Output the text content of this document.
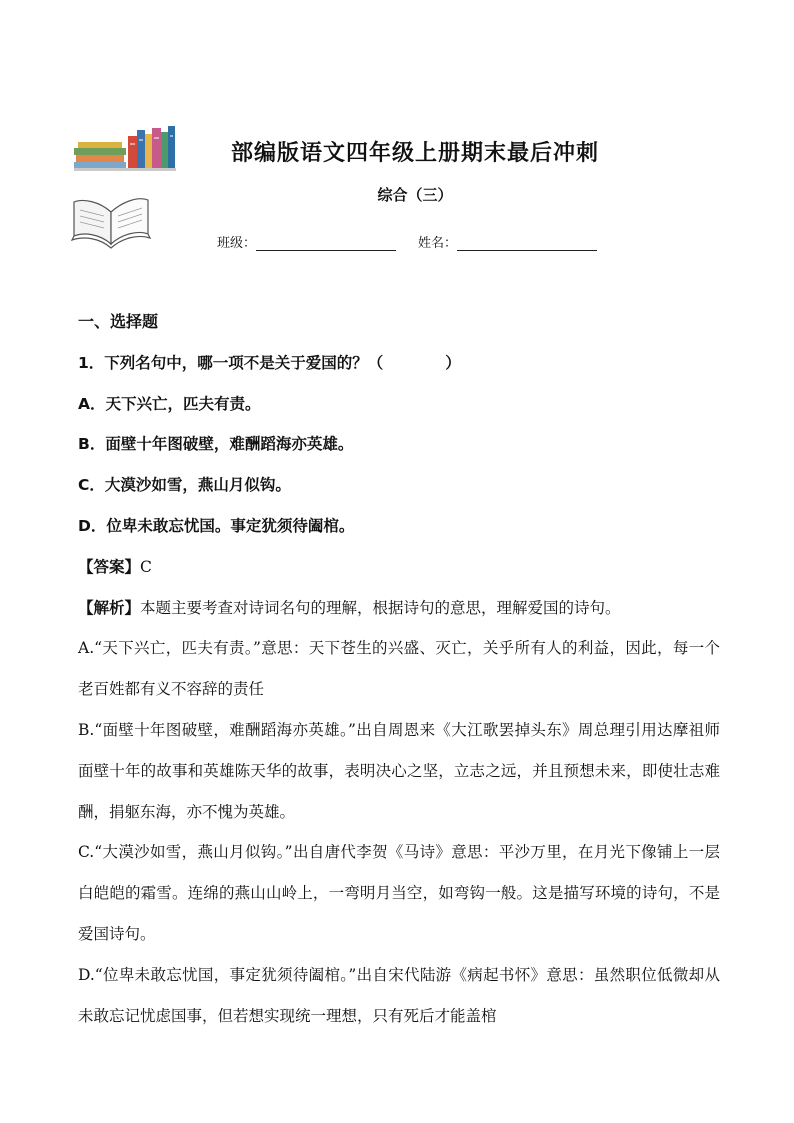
部编版语文四年级上册期末最后冲刺
综合（三）
班级：	姓名：
一、选择题
1．下列名句中，哪一项不是关于爱国的？（　　　　）
A．天下兴亡，匹夫有责。
B．面壁十年图破壁，难酬蹈海亦英雄。
C．大漠沙如雪，燕山月似钩。
D．位卑未敢忘忧国。事定犹须待阖棺。
【答案】C
【解析】本题主要考查对诗词名句的理解，根据诗句的意思，理解爱国的诗句。
A.“天下兴亡，匹夫有责。”意思：天下苍生的兴盛、灭亡，关乎所有人的利益，因此，每一个老百姓都有义不容辞的责任
B.“面壁十年图破壁，难酬蹈海亦英雄。”出自周恩来《大江歌罢掉头东》周总理引用达摩祖师面壁十年的故事和英雄陈天华的故事，表明决心之坚，立志之远，并且预想未来，即使壮志难酬，捐躯东海，亦不愧为英雄。
C.“大漠沙如雪，燕山月似钩。”出自唐代李贺《马诗》意思：平沙万里，在月光下像铺上一层白皑皑的霜雪。连绵的燕山山岭上，一弯明月当空，如弯钩一般。这是描写环境的诗句，不是爱国诗句。
D.“位卑未敢忘忧国，事定犹须待阖棺。”出自宋代陆游《病起书怀》意思：虽然职位低微却从未敢忘记忧虑国事，但若想实现统一理想，只有死后才能盖棺
